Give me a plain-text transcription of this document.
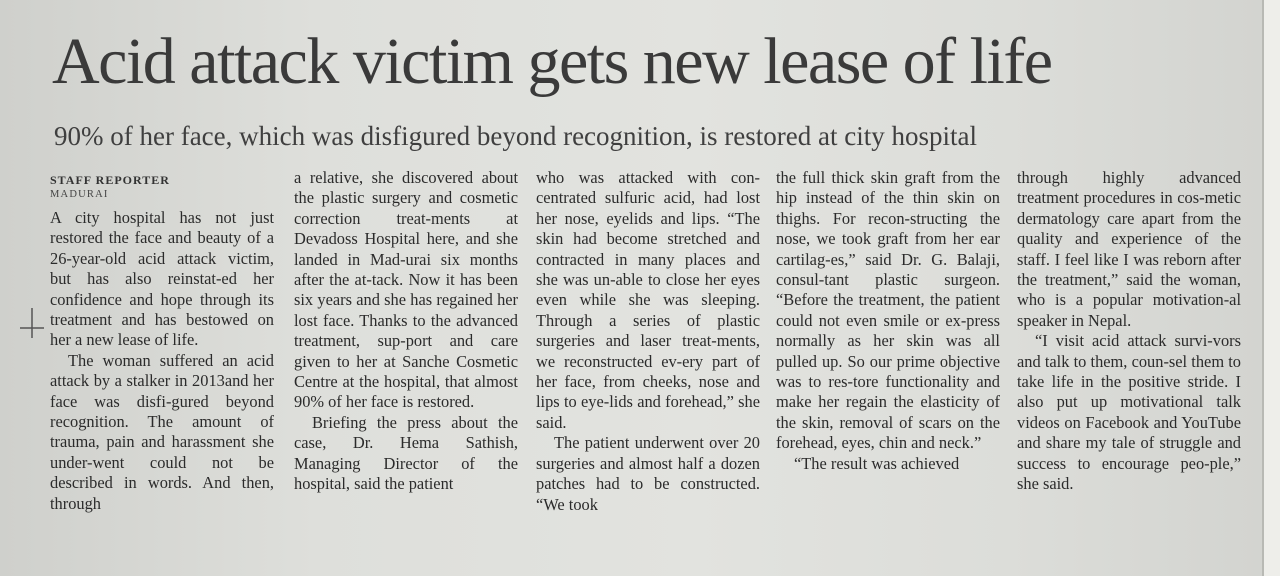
Acid attack victim gets new lease of life
90% of her face, which was disfigured beyond recognition, is restored at city hospital
STAFF REPORTER
MADURAI

A city hospital has not just restored the face and beauty of a 26-year-old acid attack victim, but has also reinstat-ed her confidence and hope through its treatment and has bestowed on her a new lease of life.

The woman suffered an acid attack by a stalker in 2013and her face was disfi-gured beyond recognition. The amount of trauma, pain and harassment she under-went could not be described in words. And then, through

a relative, she discovered about the plastic surgery and cosmetic correction treat-ments at Devadoss Hospital here, and she landed in Mad-urai six months after the at-tack. Now it has been six years and she has regained her lost face. Thanks to the advanced treatment, sup-port and care given to her at Sanche Cosmetic Centre at the hospital, that almost 90% of her face is restored.

Briefing the press about the case, Dr. Hema Sathish, Managing Director of the hospital, said the patient

who was attacked with con-centrated sulfuric acid, had lost her nose, eyelids and lips. “The skin had become stretched and contracted in many places and she was un-able to close her eyes even while she was sleeping. Through a series of plastic surgeries and laser treat-ments, we reconstructed ev-ery part of her face, from cheeks, nose and lips to eye-lids and forehead,” she said.

The patient underwent over 20 surgeries and almost half a dozen patches had to be constructed. “We took

the full thick skin graft from the hip instead of the thin skin on thighs. For recon-structing the nose, we took graft from her ear cartilag-es,” said Dr. G. Balaji, consul-tant plastic surgeon. “Before the treatment, the patient could not even smile or ex-press normally as her skin was all pulled up. So our prime objective was to res-tore functionality and make her regain the elasticity of the skin, removal of scars on the forehead, eyes, chin and neck.”

“The result was achieved

through highly advanced treatment procedures in cos-metic dermatology care apart from the quality and experience of the staff. I feel like I was reborn after the treatment,” said the woman, who is a popular motivation-al speaker in Nepal.

“I visit acid attack survi-vors and talk to them, coun-sel them to take life in the positive stride. I also put up motivational talk videos on Facebook and YouTube and share my tale of struggle and success to encourage peo-ple,” she said.
